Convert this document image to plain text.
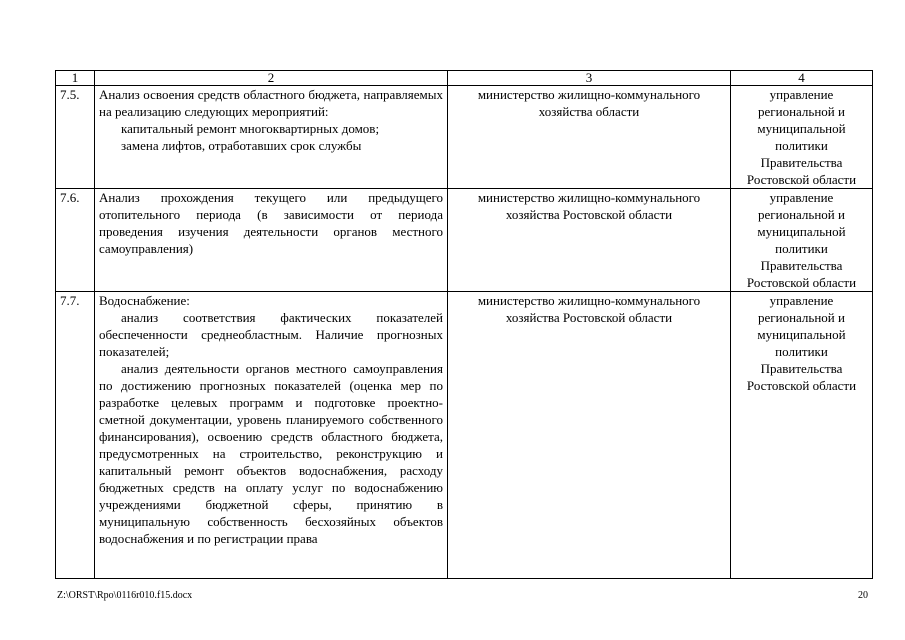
1	2	3	4
7.5.	Анализ освоения средств областного бюджета, направляемых на реализацию следующих мероприятий:
капитальный ремонт многоквартирных домов;
замена лифтов, отработавших срок службы	министерство жилищно-коммунального хозяйства области	управление региональной и муниципальной политики Правительства Ростовской области
7.6.	Анализ прохождения текущего или предыдущего отопительного периода (в зависимости от периода проведения изучения деятельности органов местного самоуправления)	министерство жилищно-коммунального хозяйства Ростовской области	управление региональной и муниципальной политики Правительства Ростовской области
7.7.	Водоснабжение:
анализ соответствия фактических показателей обеспеченности среднеобластным. Наличие прогнозных показателей;
анализ деятельности органов местного самоуправления по достижению прогнозных показателей (оценка мер по разработке целевых программ и подготовке проектно-сметной документации, уровень планируемого собственного финансирования), освоению средств областного бюджета, предусмотренных на строительство, реконструкцию и капитальный ремонт объектов водоснабжения, расходу бюджетных средств на оплату услуг по водоснабжению учреждениями бюджетной сферы, принятию в муниципальную собственность бесхозяйных объектов водоснабжения и по регистрации права	министерство жилищно-коммунального хозяйства Ростовской области	управление региональной и муниципальной политики Правительства Ростовской области
Z:\ORST\Rpo\0116r010.f15.docx	20
